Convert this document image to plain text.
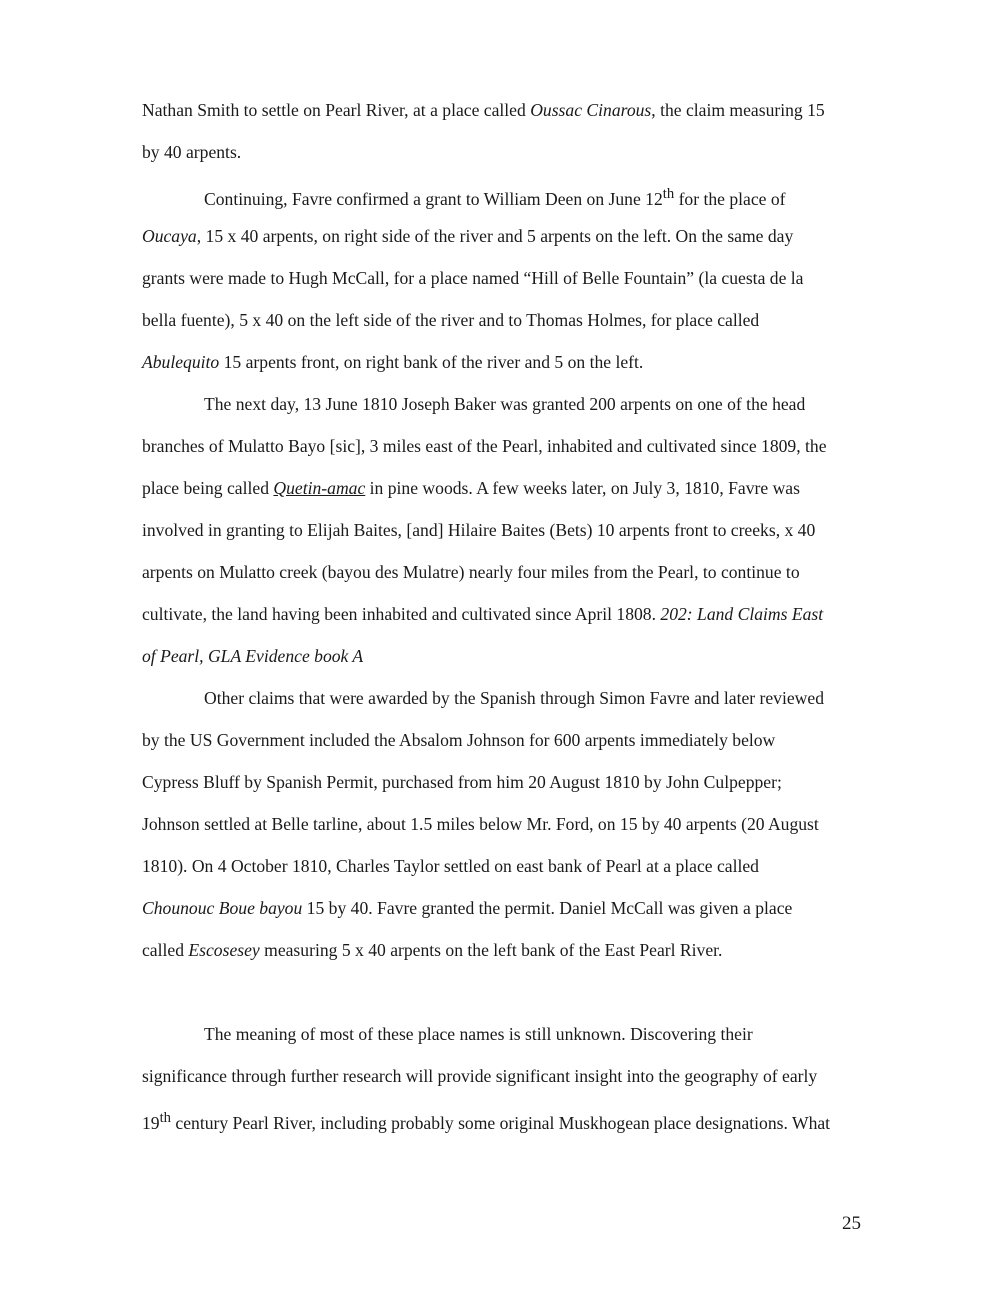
Nathan Smith to settle on Pearl River, at a place called Oussac Cinarous, the claim measuring 15
by 40 arpents.
Continuing, Favre confirmed a grant to William Deen on June 12th for the place of
Oucaya, 15 x 40 arpents, on right side of the river and 5 arpents on the left. On the same day
grants were made to Hugh McCall, for a place named “Hill of Belle Fountain” (la cuesta de la
bella fuente), 5 x 40 on the left side of the river and to Thomas Holmes, for place called
Abulequito 15 arpents front, on right bank of the river and 5 on the left.
The next day, 13 June 1810 Joseph Baker was granted 200 arpents on one of the head
branches of Mulatto Bayo [sic], 3 miles east of the Pearl, inhabited and cultivated since 1809, the
place being called Quetin-amac in pine woods. A few weeks later, on July 3, 1810, Favre was
involved in granting to Elijah Baites, [and] Hilaire Baites (Bets) 10 arpents front to creeks, x 40
arpents on Mulatto creek (bayou des Mulatre) nearly four miles from the Pearl, to continue to
cultivate, the land having been inhabited and cultivated since April 1808. 202: Land Claims East
of Pearl, GLA Evidence book A
Other claims that were awarded by the Spanish through Simon Favre and later reviewed
by the US Government included the Absalom Johnson for 600 arpents immediately below
Cypress Bluff by Spanish Permit, purchased from him 20 August 1810 by John Culpepper;
Johnson settled at Belle tarline, about 1.5 miles below Mr. Ford, on 15 by 40 arpents (20 August
1810). On 4 October 1810, Charles Taylor settled on east bank of Pearl at a place called
Chounouc Boue bayou 15 by 40. Favre granted the permit. Daniel McCall was given a place
called Escosesey measuring 5 x 40 arpents on the left bank of the East Pearl River.
The meaning of most of these place names is still unknown. Discovering their
significance through further research will provide significant insight into the geography of early
19th century Pearl River, including probably some original Muskhogean place designations. What
25
